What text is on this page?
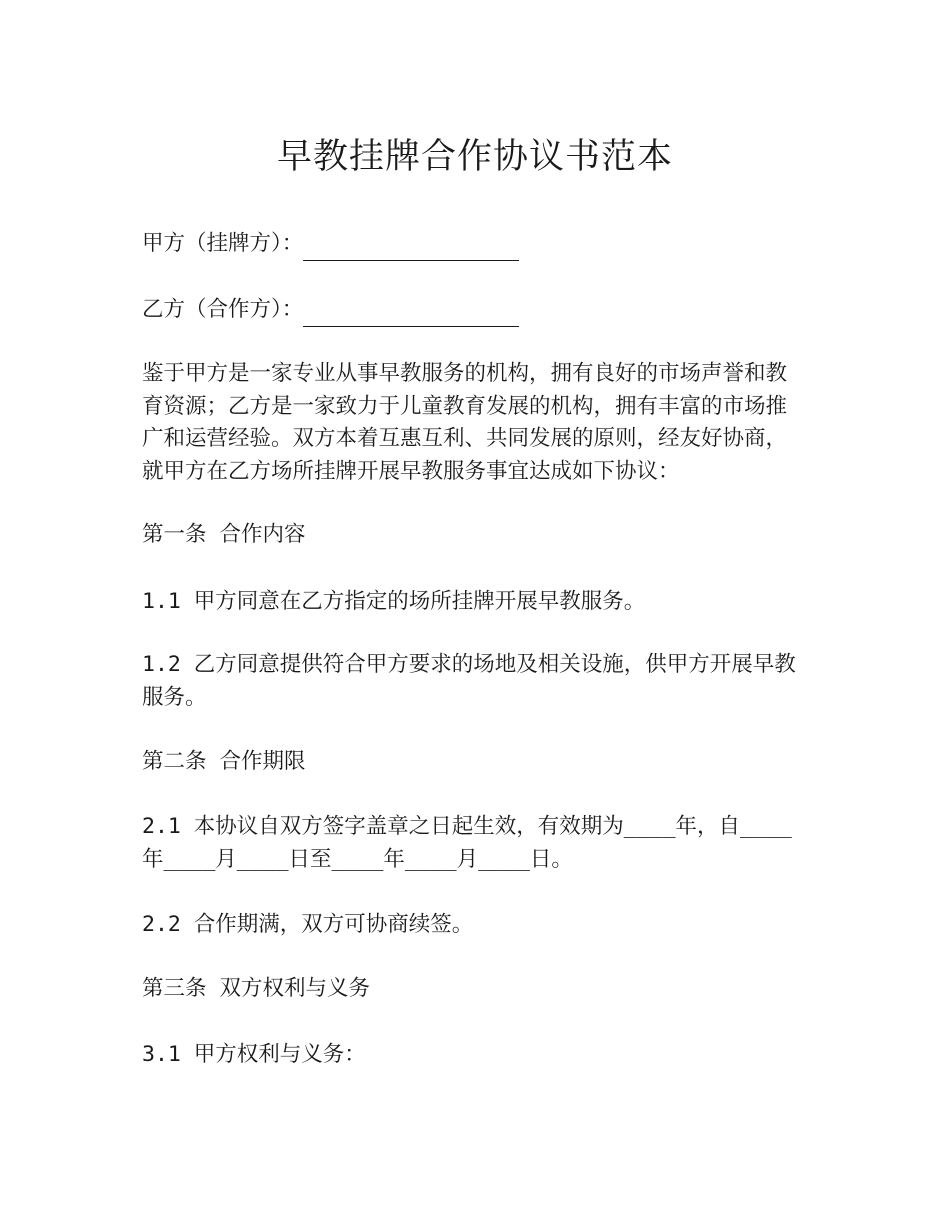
早教挂牌合作协议书范本

甲方（挂牌方）：

乙方（合作方）：

鉴于甲方是一家专业从事早教服务的机构，拥有良好的市场声誉和教育资源；乙方是一家致力于儿童教育发展的机构，拥有丰富的市场推广和运营经验。双方本着互惠互利、共同发展的原则，经友好协商，就甲方在乙方场所挂牌开展早教服务事宜达成如下协议：

第一条 合作内容

1.1 甲方同意在乙方指定的场所挂牌开展早教服务。

1.2 乙方同意提供符合甲方要求的场地及相关设施，供甲方开展早教服务。

第二条 合作期限

2.1 本协议自双方签字盖章之日起生效，有效期为____年，自____年____月____日至____年____月____日。

2.2 合作期满，双方可协商续签。

第三条 双方权利与义务

3.1 甲方权利与义务：
